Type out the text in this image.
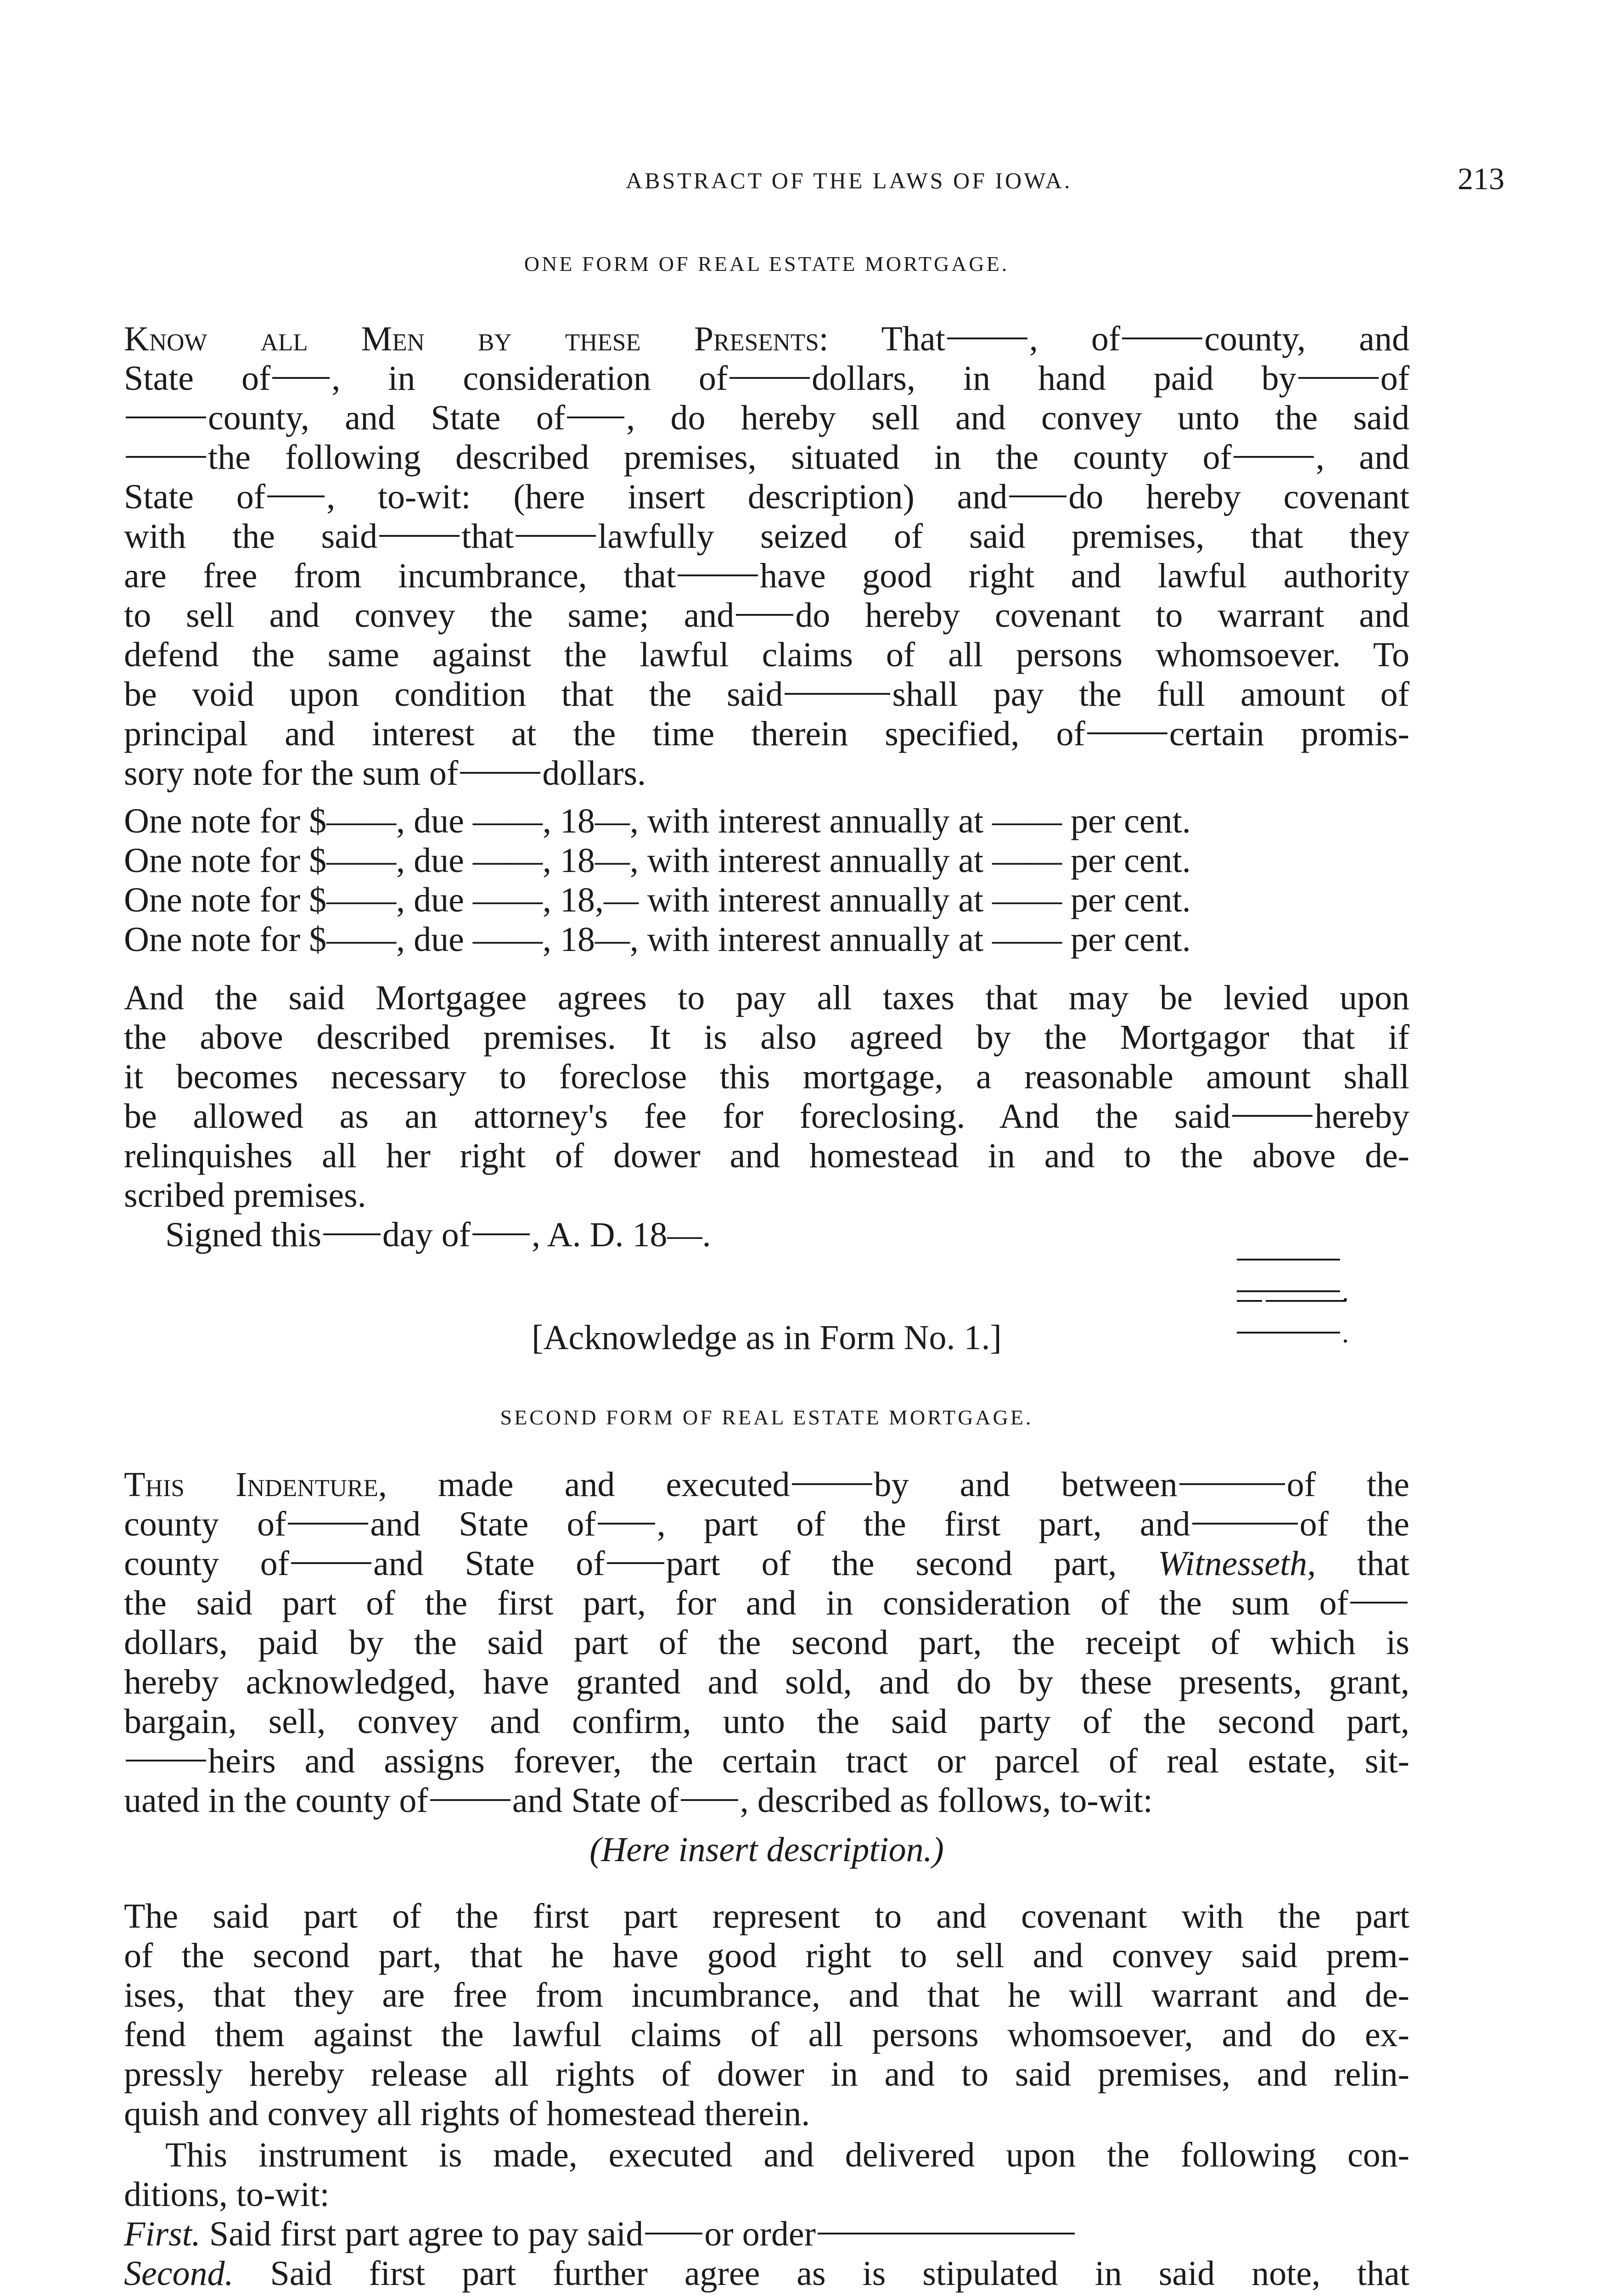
ABSTRACT OF THE LAWS OF IOWA.	213
ONE FORM OF REAL ESTATE MORTGAGE.
Know all Men by these Presents: That , of county, and
State of , in consideration of dollars, in hand paid by of
county, and State of , do hereby sell and convey unto the said
the following described premises, situated in the county of , and
State of , to-wit: (here insert description) and do hereby covenant
with the said that lawfully seized of said premises, that they
are free from incumbrance, that have good right and lawful authority
to sell and convey the same; and do hereby covenant to warrant and
defend the same against the lawful claims of all persons whomsoever. To
be void upon condition that the said	shall pay the full amount of
principal and interest at the time therein specified, of certain promis-
sory note for the sum of dollars.
One note for $——, due ——, 18—, with interest annually at —— per cent.
One note for $——, due ——, 18—, with interest annually at —— per cent.
One note for $——, due ——, 18,— with interest annually at —— per cent.
One note for $——, due ——, 18—, with interest annually at —— per cent.
And the said Mortgagee agrees to pay all taxes that may be levied upon
the above described premises. It is also agreed by the Mortgagor that if
it becomes necessary to foreclose this mortgage, a reasonable amount shall
be allowed as an attorney's fee for foreclosing. And the said hereby
relinquishes all her right of dower and homestead in and to the above de-
scribed premises.
Signed this day of , A. D. 18—.
.
.
[Acknowledge as in Form No. 1.]
SECOND FORM OF REAL ESTATE MORTGAGE.
This Indenture, made and executed by and between	of the
county of and State of , part of the first part, and	of the
county of and State of part of the second part, Witnesseth, that
the said part of the first part, for and in consideration of the sum of
dollars, paid by the said part of the second part, the receipt of which is
hereby acknowledged, have granted and sold, and do by these presents, grant,
bargain, sell, convey and confirm, unto the said party of the second part,
heirs and assigns forever, the certain tract or parcel of real estate, sit-
uated in the county of and State of , described as follows, to-wit:
(Here insert description.)
The said part of the first part represent to and covenant with the part
of the second part, that he have good right to sell and convey said prem-
ises, that they are free from incumbrance, and that he will warrant and de-
fend them against the lawful claims of all persons whomsoever, and do ex-
pressly hereby release all rights of dower in and to said premises, and relin-
quish and convey all rights of homestead therein.
This instrument is made, executed and delivered upon the following con-
ditions, to-wit:
First. Said first part agree to pay said or order
Second. Said first part further agree as is stipulated in said note, that
